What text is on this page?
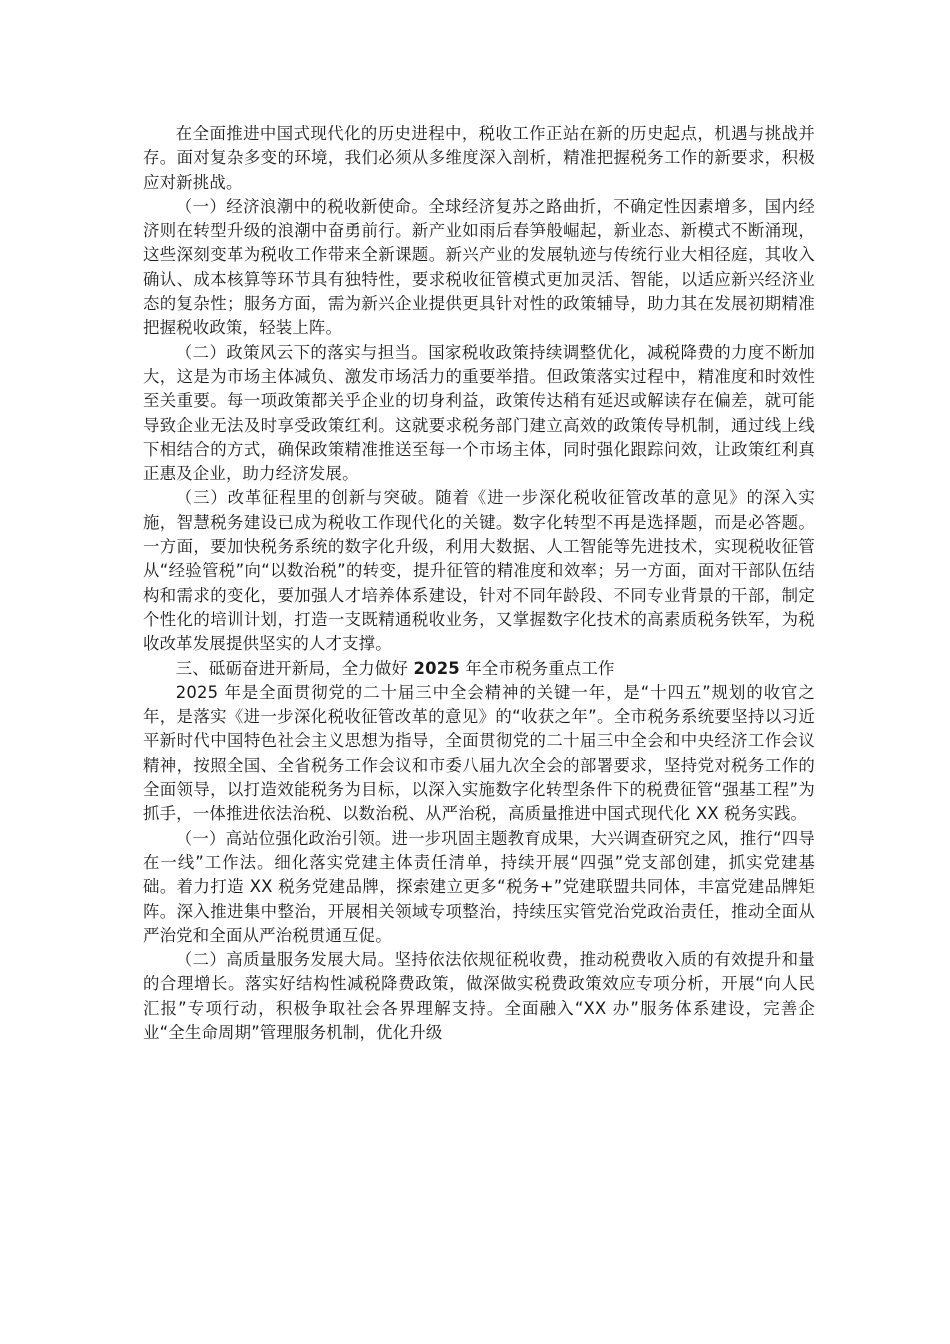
在全面推进中国式现代化的历史进程中，税收工作正站在新的历史起点，机遇与挑战并存。面对复杂多变的环境，我们必须从多维度深入剖析，精准把握税务工作的新要求，积极应对新挑战。

（一）经济浪潮中的税收新使命。全球经济复苏之路曲折，不确定性因素增多，国内经济则在转型升级的浪潮中奋勇前行。新产业如雨后春笋般崛起，新业态、新模式不断涌现，这些深刻变革为税收工作带来全新课题。新兴产业的发展轨迹与传统行业大相径庭，其收入确认、成本核算等环节具有独特性，要求税收征管模式更加灵活、智能，以适应新兴经济业态的复杂性；服务方面，需为新兴企业提供更具针对性的政策辅导，助力其在发展初期精准把握税收政策，轻装上阵。

（二）政策风云下的落实与担当。国家税收政策持续调整优化，减税降费的力度不断加大，这是为市场主体减负、激发市场活力的重要举措。但政策落实过程中，精准度和时效性至关重要。每一项政策都关乎企业的切身利益，政策传达稍有延迟或解读存在偏差，就可能导致企业无法及时享受政策红利。这就要求税务部门建立高效的政策传导机制，通过线上线下相结合的方式，确保政策精准推送至每一个市场主体，同时强化跟踪问效，让政策红利真正惠及企业，助力经济发展。

（三）改革征程里的创新与突破。随着《进一步深化税收征管改革的意见》的深入实施，智慧税务建设已成为税收工作现代化的关键。数字化转型不再是选择题，而是必答题。一方面，要加快税务系统的数字化升级，利用大数据、人工智能等先进技术，实现税收征管从“经验管税”向“以数治税”的转变，提升征管的精准度和效率；另一方面，面对干部队伍结构和需求的变化，要加强人才培养体系建设，针对不同年龄段、不同专业背景的干部，制定个性化的培训计划，打造一支既精通税收业务，又掌握数字化技术的高素质税务铁军，为税收改革发展提供坚实的人才支撑。

三、砥砺奋进开新局，全力做好 2025 年全市税务重点工作

2025 年是全面贯彻党的二十届三中全会精神的关键一年，是“十四五”规划的收官之年，是落实《进一步深化税收征管改革的意见》的“收获之年”。全市税务系统要坚持以习近平新时代中国特色社会主义思想为指导，全面贯彻党的二十届三中全会和中央经济工作会议精神，按照全国、全省税务工作会议和市委八届九次全会的部署要求，坚持党对税务工作的全面领导，以打造效能税务为目标，以深入实施数字化转型条件下的税费征管“强基工程”为抓手，一体推进依法治税、以数治税、从严治税，高质量推进中国式现代化 XX 税务实践。

（一）高站位强化政治引领。进一步巩固主题教育成果，大兴调查研究之风，推行“四导在一线”工作法。细化落实党建主体责任清单，持续开展“四强”党支部创建，抓实党建基础。着力打造 XX 税务党建品牌，探索建立更多“税务+”党建联盟共同体，丰富党建品牌矩阵。深入推进集中整治，开展相关领域专项整治，持续压实管党治党政治责任，推动全面从严治党和全面从严治税贯通互促。

（二）高质量服务发展大局。坚持依法依规征税收费，推动税费收入质的有效提升和量的合理增长。落实好结构性减税降费政策，做深做实税费政策效应专项分析，开展“向人民汇报”专项行动，积极争取社会各界理解支持。全面融入“XX 办”服务体系建设，完善企业“全生命周期”管理服务机制，优化升级
